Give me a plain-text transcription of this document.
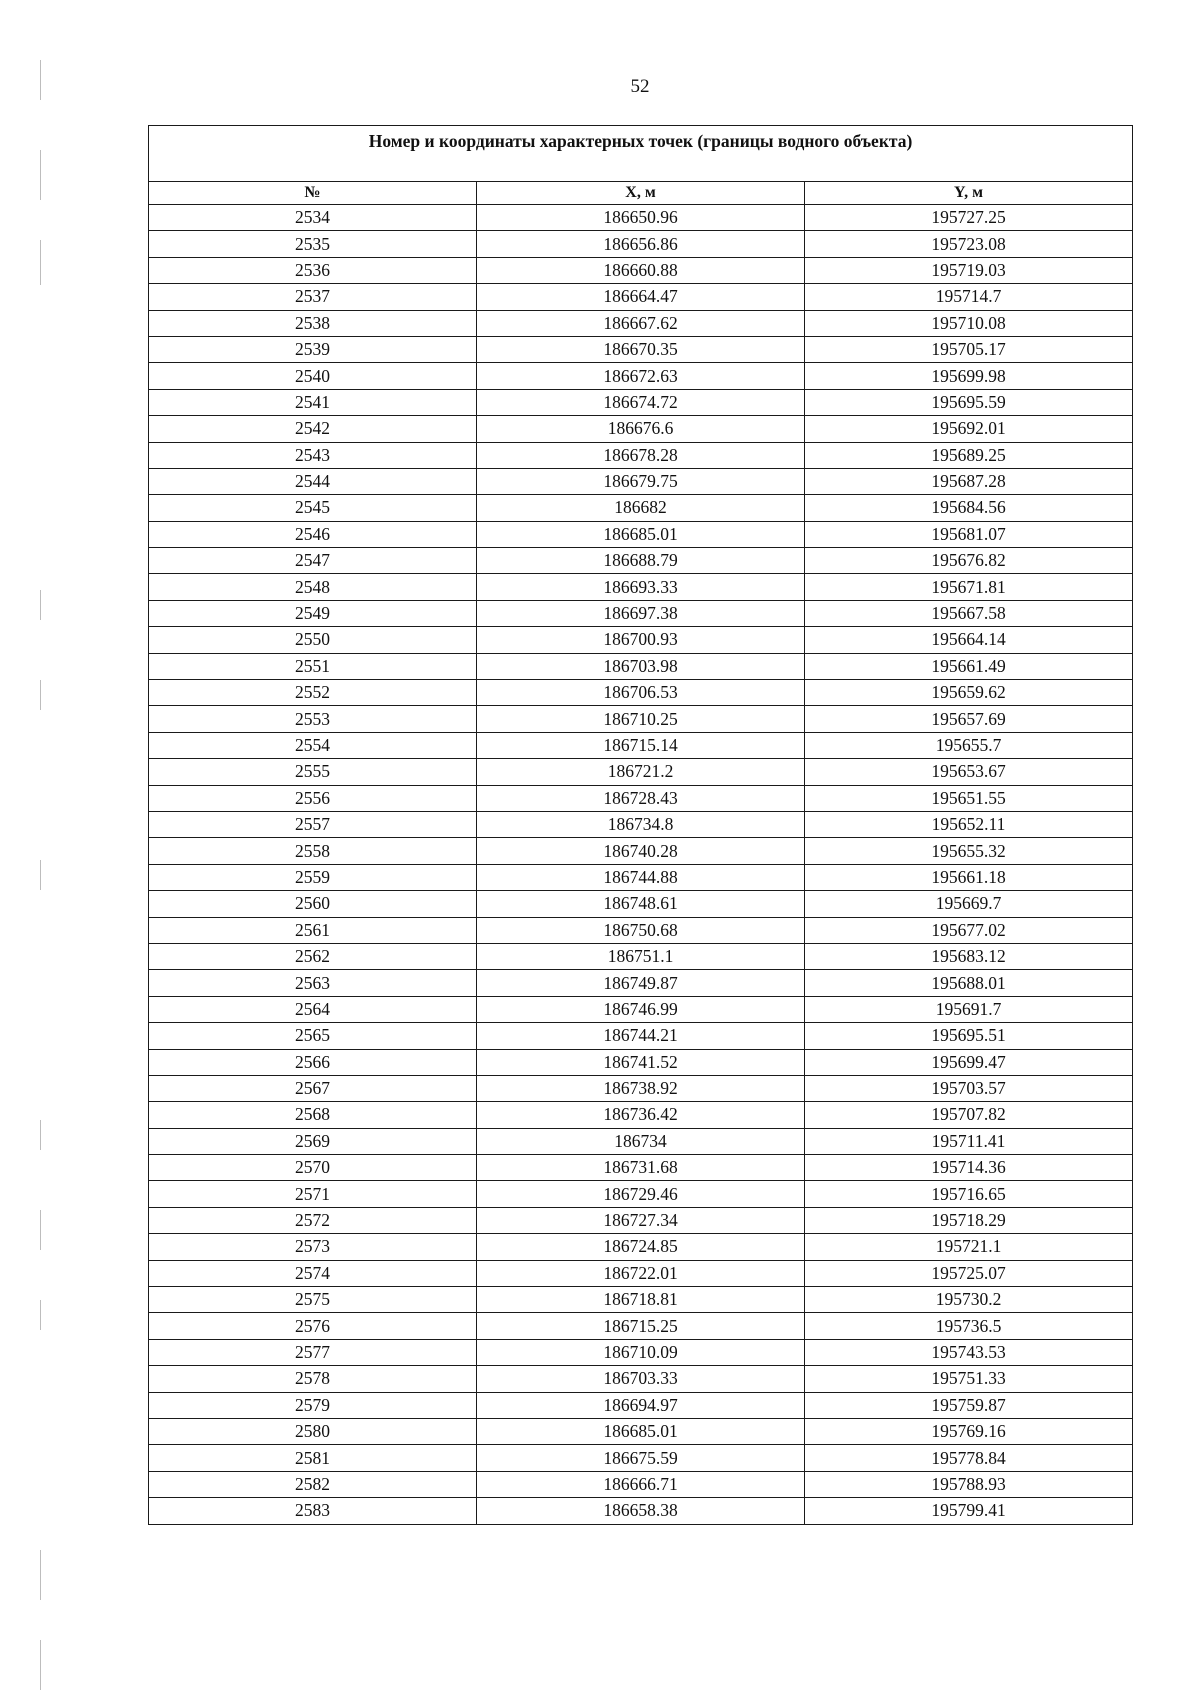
52
Номер и координаты характерных точек (границы водного объекта)		
№	X, м	Y, м
2534	186650.96	195727.25
2535	186656.86	195723.08
2536	186660.88	195719.03
2537	186664.47	195714.7
2538	186667.62	195710.08
2539	186670.35	195705.17
2540	186672.63	195699.98
2541	186674.72	195695.59
2542	186676.6	195692.01
2543	186678.28	195689.25
2544	186679.75	195687.28
2545	186682	195684.56
2546	186685.01	195681.07
2547	186688.79	195676.82
2548	186693.33	195671.81
2549	186697.38	195667.58
2550	186700.93	195664.14
2551	186703.98	195661.49
2552	186706.53	195659.62
2553	186710.25	195657.69
2554	186715.14	195655.7
2555	186721.2	195653.67
2556	186728.43	195651.55
2557	186734.8	195652.11
2558	186740.28	195655.32
2559	186744.88	195661.18
2560	186748.61	195669.7
2561	186750.68	195677.02
2562	186751.1	195683.12
2563	186749.87	195688.01
2564	186746.99	195691.7
2565	186744.21	195695.51
2566	186741.52	195699.47
2567	186738.92	195703.57
2568	186736.42	195707.82
2569	186734	195711.41
2570	186731.68	195714.36
2571	186729.46	195716.65
2572	186727.34	195718.29
2573	186724.85	195721.1
2574	186722.01	195725.07
2575	186718.81	195730.2
2576	186715.25	195736.5
2577	186710.09	195743.53
2578	186703.33	195751.33
2579	186694.97	195759.87
2580	186685.01	195769.16
2581	186675.59	195778.84
2582	186666.71	195788.93
2583	186658.38	195799.41
